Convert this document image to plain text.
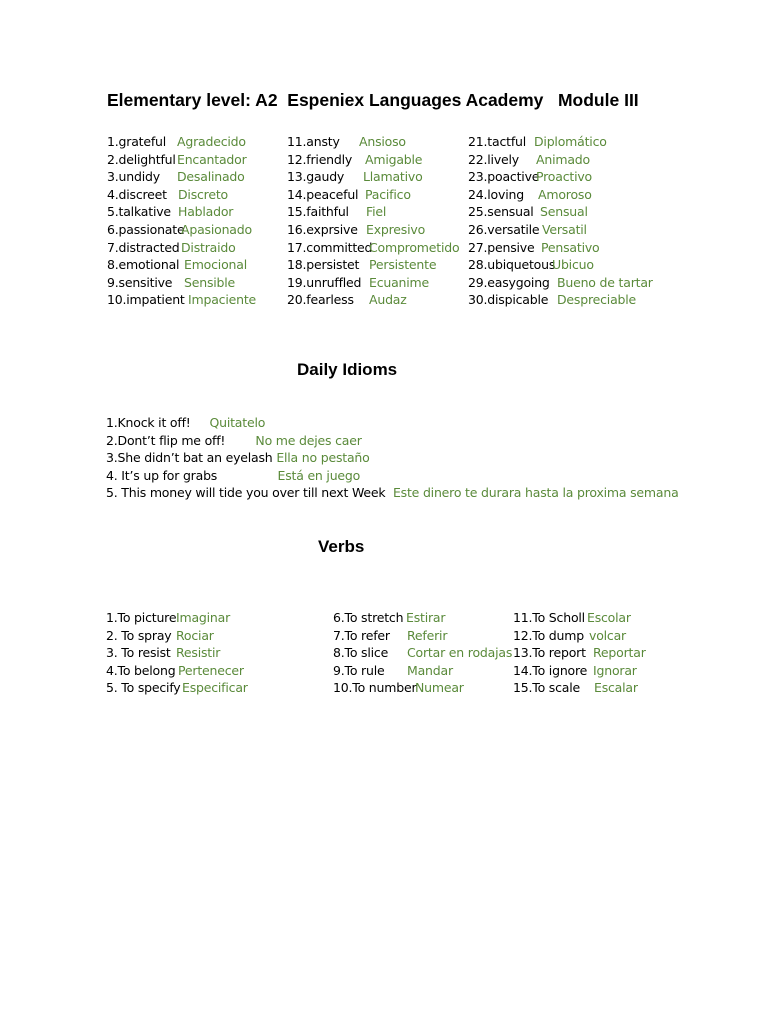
Elementary level: A2  Espeniex Languages Academy   Module III
1.grateful Agradecido
2.delightful Encantador
3.undidy Desalinado
4.discreet Discreto
5.talkative Hablador
6.passionate
Apasionado
7.distracted Distraido
8.emotional Emocional
9.sensitive Sensible
10.impatient Impaciente
11.ansty Ansioso
12.friendly Amigable
13.gaudy Llamativo
14.peaceful Pacifico
15.faithful Fiel
16.exprsive Expresivo
17.committed
Comprometido
18.persistet Persistente
19.unruffled Ecuanime
20.fearless Audaz
21.tactful Diplomático
22.lively Animado
23.poactive
Proactivo
24.loving Amoroso
25.sensual Sensual
26.versatile Versatil
27.pensive Pensativo
28.ubiquetous
Ubicuo
29.easygoing Bueno de tartar
30.dispicable Despreciable
Daily Idioms
1.Knock it off! Quitatelo
2.Dont’t flip me off! No me dejes caer
3.She didn’t bat an eyelash Ella no pestaño
4. It’s up for grabs	Está en juego
5. This money will tide you over till next Week Este dinero te durara hasta la proxima semana
Verbs
1.To picture Imaginar
2. To spray Rociar
3. To resist Resistir
4.To belong Pertenecer
5. To specify Especificar
6.To stretch Estirar
7.To refer Referir
8.To slice Cortar en rodajas
9.To rule Mandar
10.To number
Numear
11.To Scholl Escolar
12.To dump volcar
13.To report Reportar
14.To ignore Ignorar
15.To scale Escalar
